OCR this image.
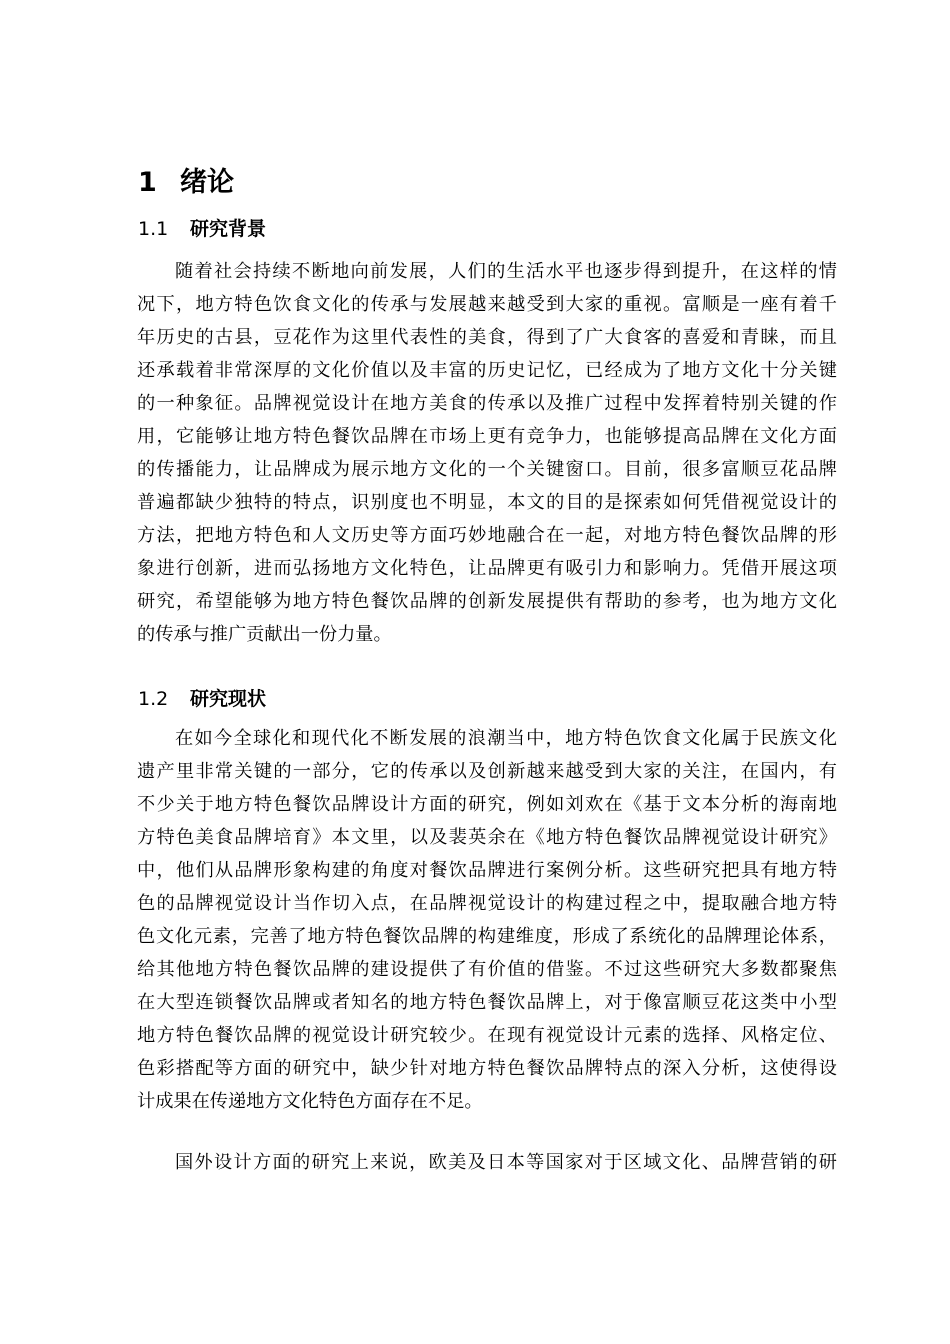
1 绪论
1.1 研究背景
随着社会持续不断地向前发展，人们的生活水平也逐步得到提升，在这样的情
况下，地方特色饮食文化的传承与发展越来越受到大家的重视。富顺是一座有着千
年历史的古县，豆花作为这里代表性的美食，得到了广大食客的喜爱和青睐，而且
还承载着非常深厚的文化价值以及丰富的历史记忆，已经成为了地方文化十分关键
的一种象征。品牌视觉设计在地方美食的传承以及推广过程中发挥着特别关键的作
用，它能够让地方特色餐饮品牌在市场上更有竞争力，也能够提高品牌在文化方面
的传播能力，让品牌成为展示地方文化的一个关键窗口。目前，很多富顺豆花品牌
普遍都缺少独特的特点，识别度也不明显，本文的目的是探索如何凭借视觉设计的
方法，把地方特色和人文历史等方面巧妙地融合在一起，对地方特色餐饮品牌的形
象进行创新，进而弘扬地方文化特色，让品牌更有吸引力和影响力。凭借开展这项
研究，希望能够为地方特色餐饮品牌的创新发展提供有帮助的参考，也为地方文化
的传承与推广贡献出一份力量。
1.2 研究现状
在如今全球化和现代化不断发展的浪潮当中，地方特色饮食文化属于民族文化
遗产里非常关键的一部分，它的传承以及创新越来越受到大家的关注，在国内，有
不少关于地方特色餐饮品牌设计方面的研究，例如刘欢在《基于文本分析的海南地
方特色美食品牌培育》本文里，以及裴英余在《地方特色餐饮品牌视觉设计研究》
中，他们从品牌形象构建的角度对餐饮品牌进行案例分析。这些研究把具有地方特
色的品牌视觉设计当作切入点，在品牌视觉设计的构建过程之中，提取融合地方特
色文化元素，完善了地方特色餐饮品牌的构建维度，形成了系统化的品牌理论体系，
给其他地方特色餐饮品牌的建设提供了有价值的借鉴。不过这些研究大多数都聚焦
在大型连锁餐饮品牌或者知名的地方特色餐饮品牌上，对于像富顺豆花这类中小型
地方特色餐饮品牌的视觉设计研究较少。在现有视觉设计元素的选择、风格定位、
色彩搭配等方面的研究中，缺少针对地方特色餐饮品牌特点的深入分析，这使得设
计成果在传递地方文化特色方面存在不足。
国外设计方面的研究上来说，欧美及日本等国家对于区域文化、品牌营销的研
